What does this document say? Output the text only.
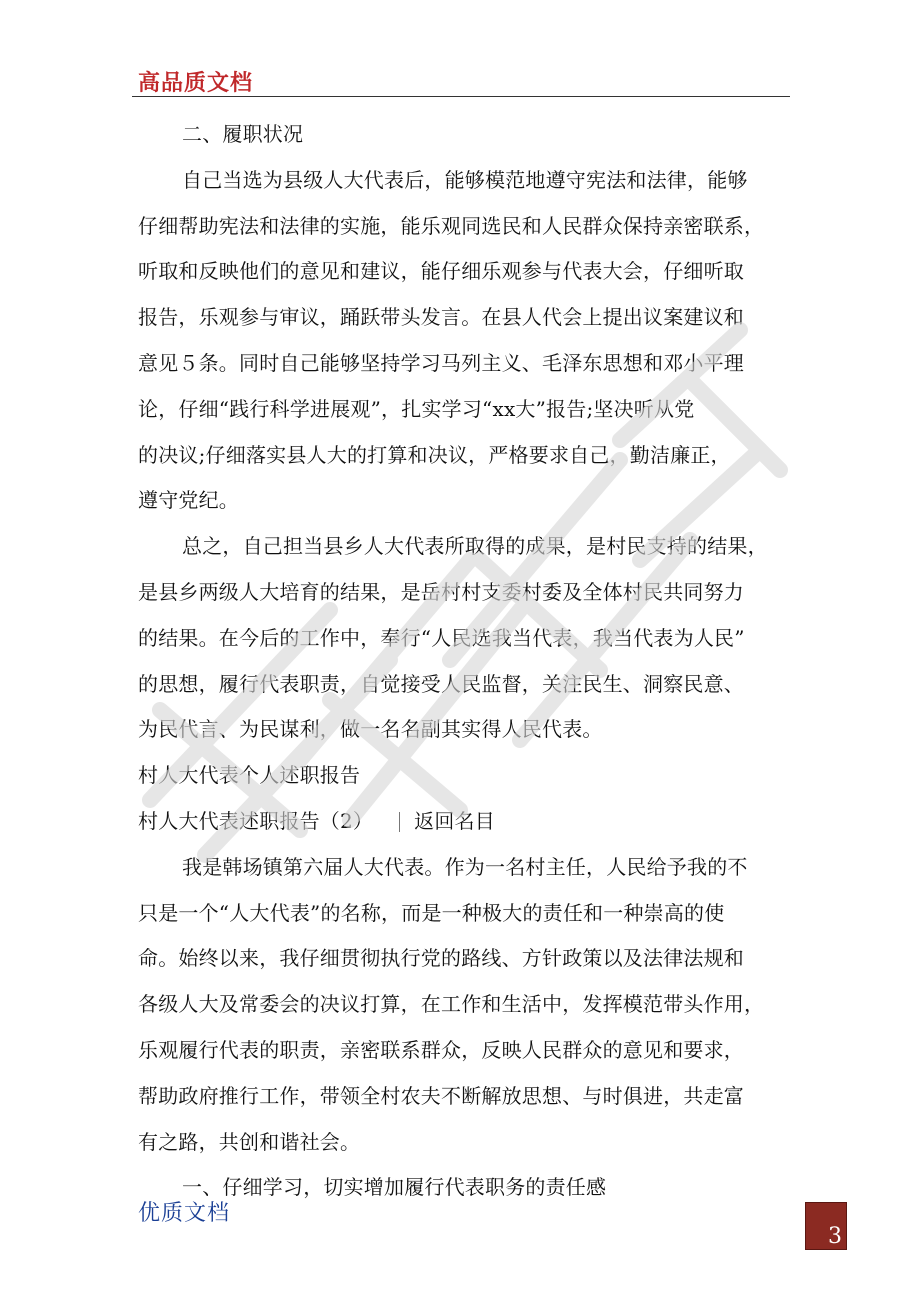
高品质文档
二、履职状况
自己当选为县级人大代表后，能够模范地遵守宪法和法律，能够
仔细帮助宪法和法律的实施，能乐观同选民和人民群众保持亲密联系，
听取和反映他们的意见和建议，能仔细乐观参与代表大会，仔细听取
报告，乐观参与审议，踊跃带头发言。在县人代会上提出议案建议和
意见５条。同时自己能够坚持学习马列主义、毛泽东思想和邓小平理
论，仔细“践行科学进展观”，扎实学习“xx大”报告;坚决听从党
的决议;仔细落实县人大的打算和决议，严格要求自己，勤洁廉正，
遵守党纪。
总之，自己担当县乡人大代表所取得的成果，是村民支持的结果，
是县乡两级人大培育的结果，是岳村村支委村委及全体村民共同努力
的结果。在今后的工作中，奉行“人民选我当代表，我当代表为人民”
的思想，履行代表职责，自觉接受人民监督，关注民生、洞察民意、
为民代言、为民谋利，做一名名副其实得人民代表。
村人大代表个人述职报告
村人大代表述职报告（2） 返回名目
我是韩场镇第六届人大代表。作为一名村主任，人民给予我的不
只是一个“人大代表”的名称，而是一种极大的责任和一种崇高的使
命。始终以来，我仔细贯彻执行党的路线、方针政策以及法律法规和
各级人大及常委会的决议打算，在工作和生活中，发挥模范带头作用，
乐观履行代表的职责，亲密联系群众，反映人民群众的意见和要求，
帮助政府推行工作，带领全村农夫不断解放思想、与时俱进，共走富
有之路，共创和谐社会。
一、仔细学习，切实增加履行代表职务的责任感
优质文档
3
